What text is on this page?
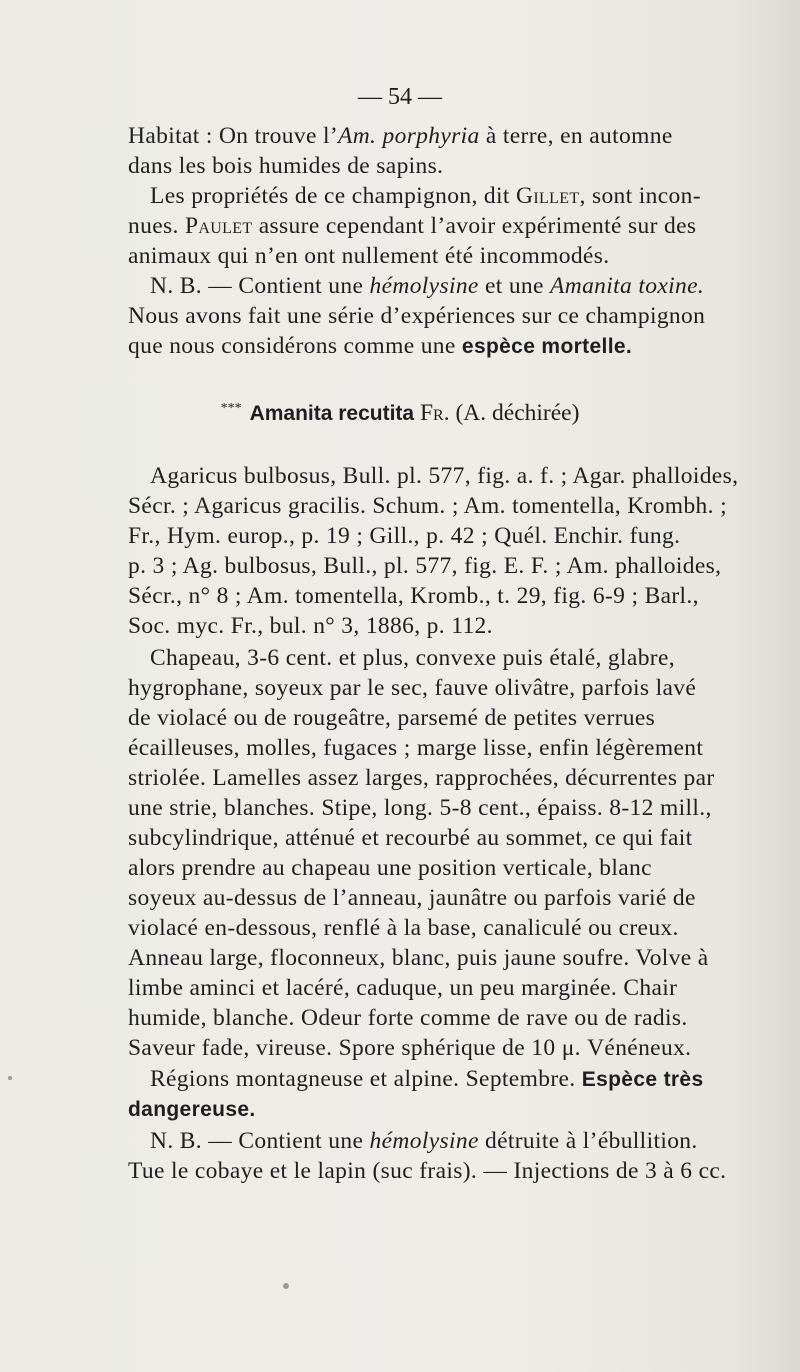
— 54 —
Habitat : On trouve l’Am. porphyria à terre, en automne
dans les bois humides de sapins.
Les propriétés de ce champignon, dit Gillet, sont incon-
nues. Paulet assure cependant l’avoir expérimenté sur des
animaux qui n’en ont nullement été incommodés.
N. B. — Contient une hémolysine et une Amanita toxine.
Nous avons fait une série d’expériences sur ce champignon
que nous considérons comme une espèce mortelle.
*** Amanita recutita Fr. (A. déchirée)
Agaricus bulbosus, Bull. pl. 577, fig. a. f. ; Agar. phalloides,
Sécr. ; Agaricus gracilis. Schum. ; Am. tomentella, Krombh. ;
Fr., Hym. europ., p. 19 ; Gill., p. 42 ; Quél. Enchir. fung.
p. 3 ; Ag. bulbosus, Bull., pl. 577, fig. E. F. ; Am. phalloides,
Sécr., n° 8 ; Am. tomentella, Kromb., t. 29, fig. 6-9 ; Barl.,
Soc. myc. Fr., bul. n° 3, 1886, p. 112.
Chapeau, 3-6 cent. et plus, convexe puis étalé, glabre,
hygrophane, soyeux par le sec, fauve olivâtre, parfois lavé
de violacé ou de rougeâtre, parsemé de petites verrues
écailleuses, molles, fugaces ; marge lisse, enfin légèrement
striolée. Lamelles assez larges, rapprochées, décurrentes par
une strie, blanches. Stipe, long. 5-8 cent., épaiss. 8-12 mill.,
subcylindrique, atténué et recourbé au sommet, ce qui fait
alors prendre au chapeau une position verticale, blanc
soyeux au-dessus de l’anneau, jaunâtre ou parfois varié de
violacé en-dessous, renflé à la base, canaliculé ou creux.
Anneau large, floconneux, blanc, puis jaune soufre. Volve à
limbe aminci et lacéré, caduque, un peu marginée. Chair
humide, blanche. Odeur forte comme de rave ou de radis.
Saveur fade, vireuse. Spore sphérique de 10 μ. Vénéneux.
Régions montagneuse et alpine. Septembre. Espèce très
dangereuse.
N. B. — Contient une hémolysine détruite à l’ébullition.
Tue le cobaye et le lapin (suc frais). — Injections de 3 à 6 cc.
